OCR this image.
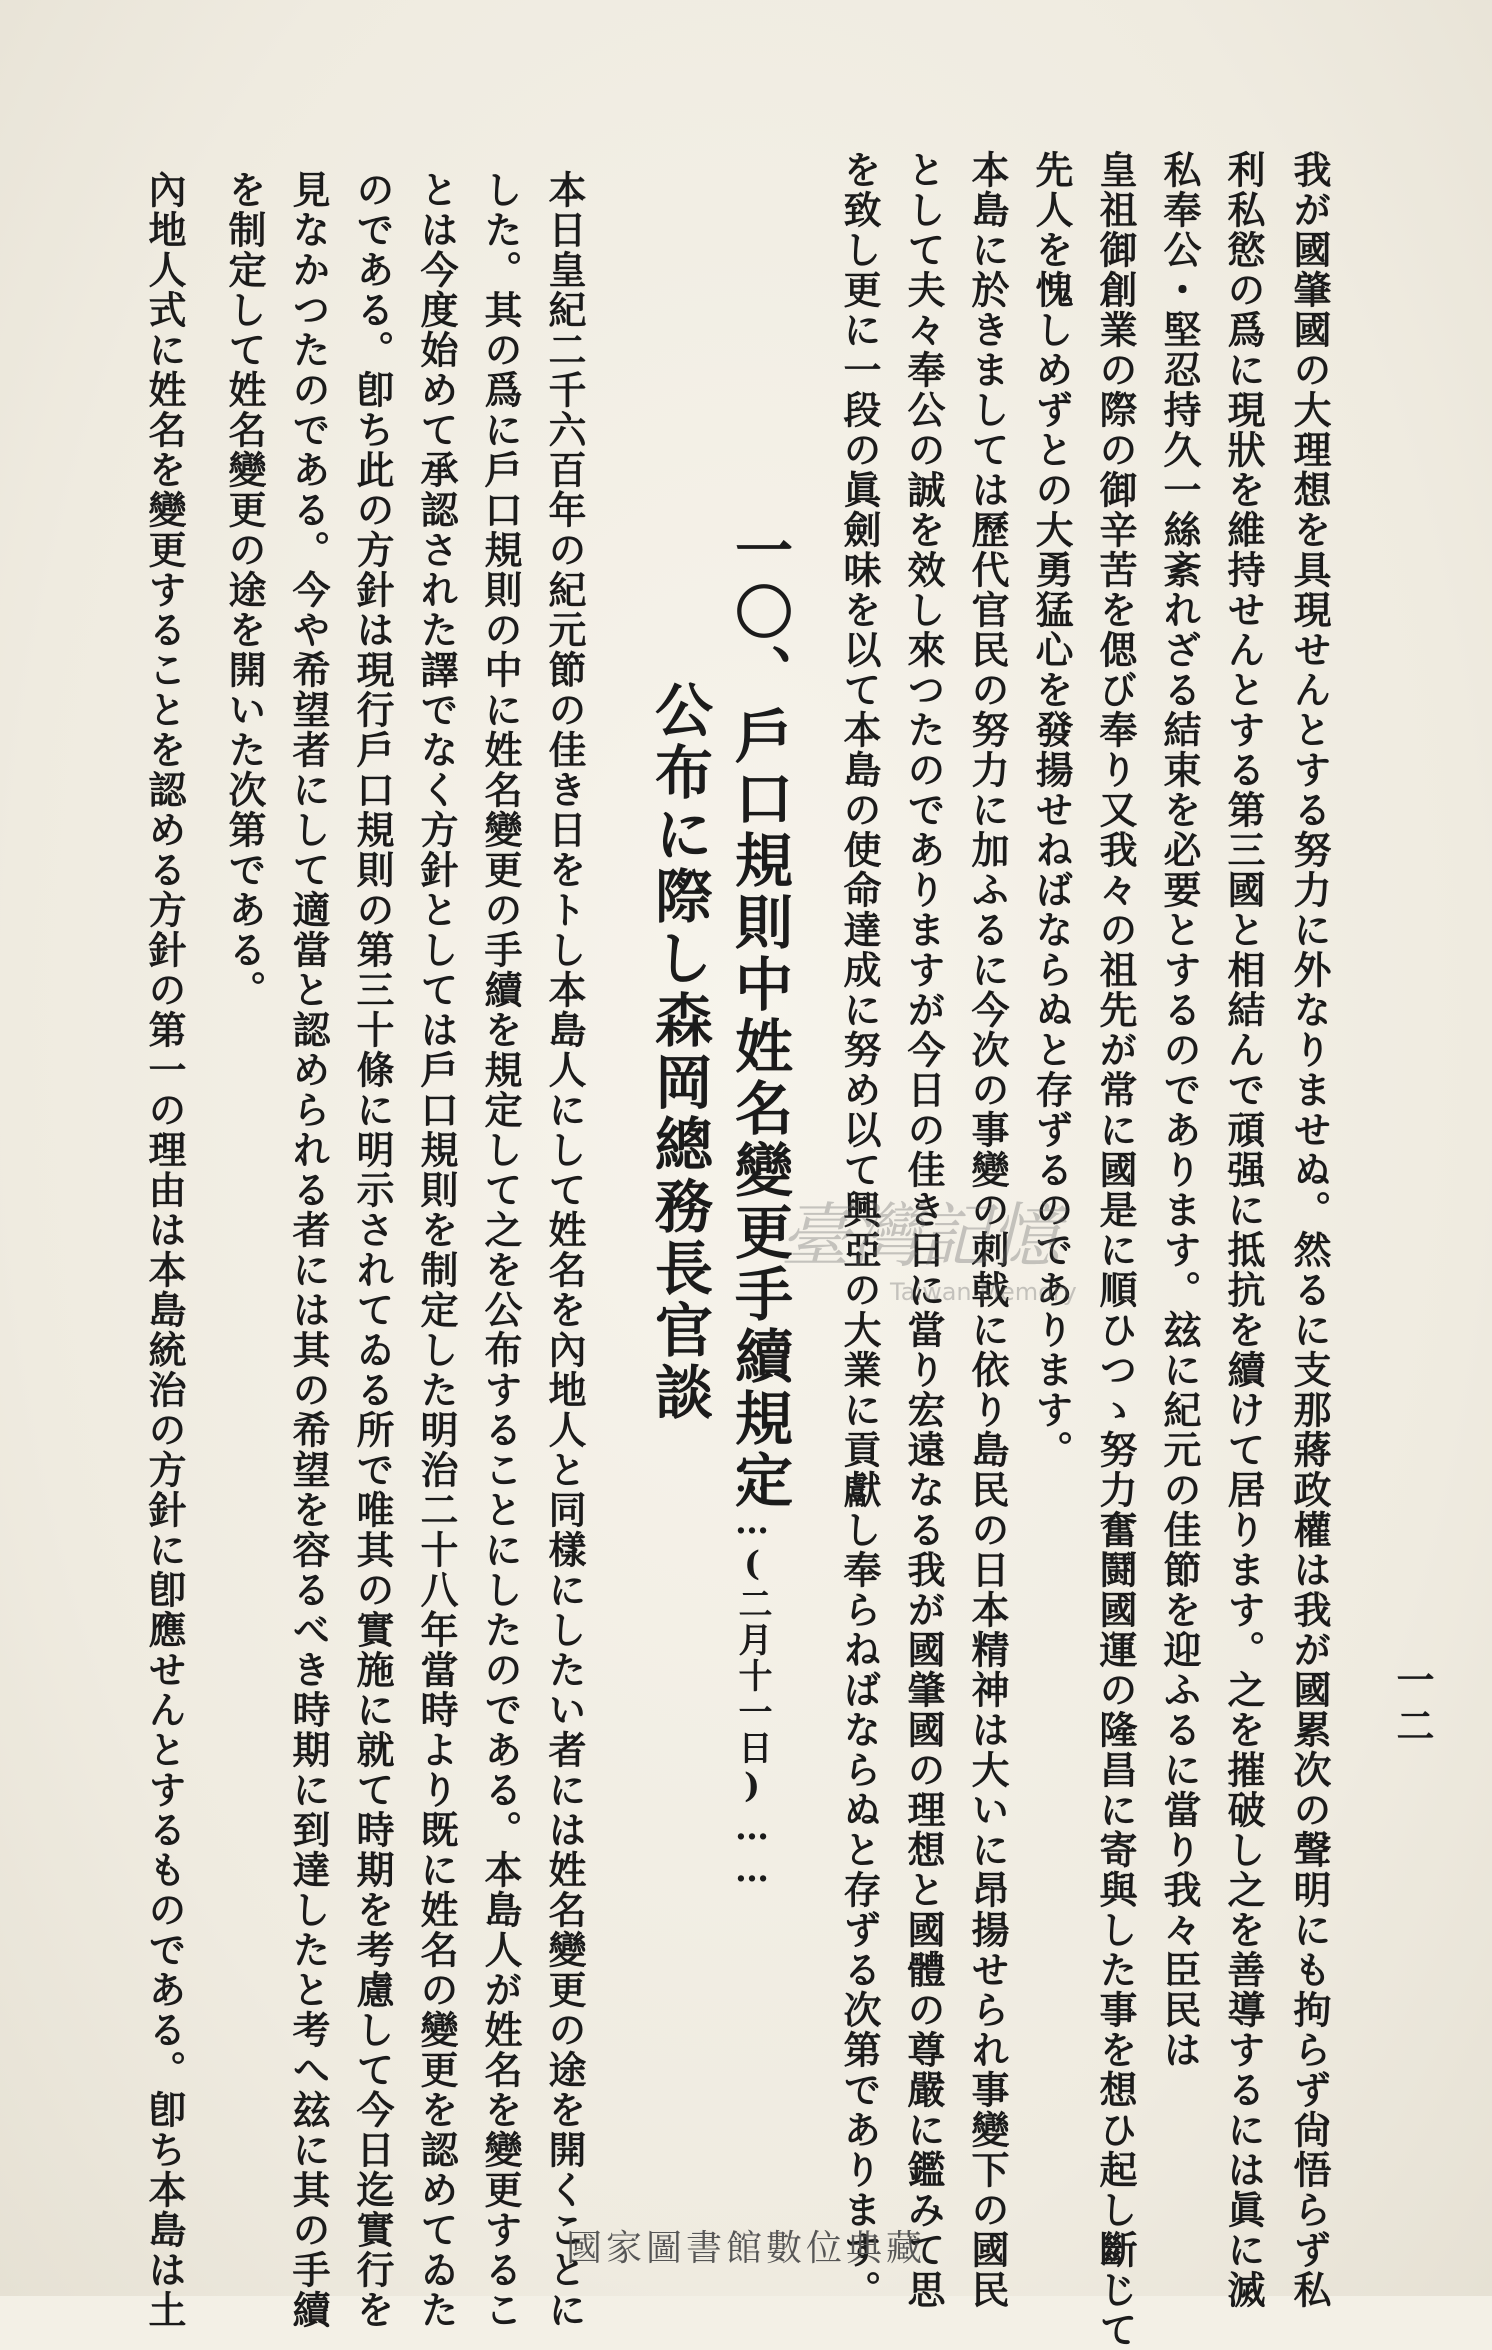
一二
我が國肇國の大理想を具現せんとする努力に外なりませぬ。然るに支那蔣政權は我が國累次の聲明にも拘らず尙悟らず私
利私慾の爲に現狀を維持せんとする第三國と相結んで頑强に抵抗を續けて居ります。之を摧破し之を善導するには眞に滅
私奉公・堅忍持久一絲紊れざる結束を必要とするのであります。玆に紀元の佳節を迎ふるに當り我々臣民は
皇祖御創業の際の御辛苦を偲び奉り又我々の祖先が常に國是に順ひつゝ努力奮鬪國運の隆昌に寄與した事を想ひ起し斷じて
先人を愧しめずとの大勇猛心を發揚せねばならぬと存ずるのであります。
本島に於きましては歷代官民の努力に加ふるに今次の事變の刺戟に依り島民の日本精神は大いに昂揚せられ事變下の國民
として夫々奉公の誠を效し來つたのでありますが今日の佳き日に當り宏遠なる我が國肇國の理想と國體の尊嚴に鑑みて思
を致し更に一段の眞劍味を以て本島の使命達成に努め以て興亞の大業に貢獻し奉らねばならぬと存ずる次第であります。
一〇、戶口規則中姓名變更手續規定
公布に際し森岡總務長官談
……(二月十一日)……
本日皇紀二千六百年の紀元節の佳き日をトし本島人にして姓名を內地人と同樣にしたい者には姓名變更の途を開くことに
した。其の爲に戶口規則の中に姓名變更の手續を規定して之を公布することにしたのである。本島人が姓名を變更するこ
とは今度始めて承認された譯でなく方針としては戶口規則を制定した明治二十八年當時より既に姓名の變更を認めてゐた
のである。卽ち此の方針は現行戶口規則の第三十條に明示されてゐる所で唯其の實施に就て時期を考慮して今日迄實行を
見なかつたのである。今や希望者にして適當と認められる者には其の希望を容るべき時期に到達したと考へ玆に其の手續
を制定して姓名變更の途を開いた次第である。
內地人式に姓名を變更することを認める方針の第一の理由は本島統治の方針に卽應せんとするものである。卽ち本島は土	臺灣記憶
Taiwan Memory
國家圖書館數位典藏
